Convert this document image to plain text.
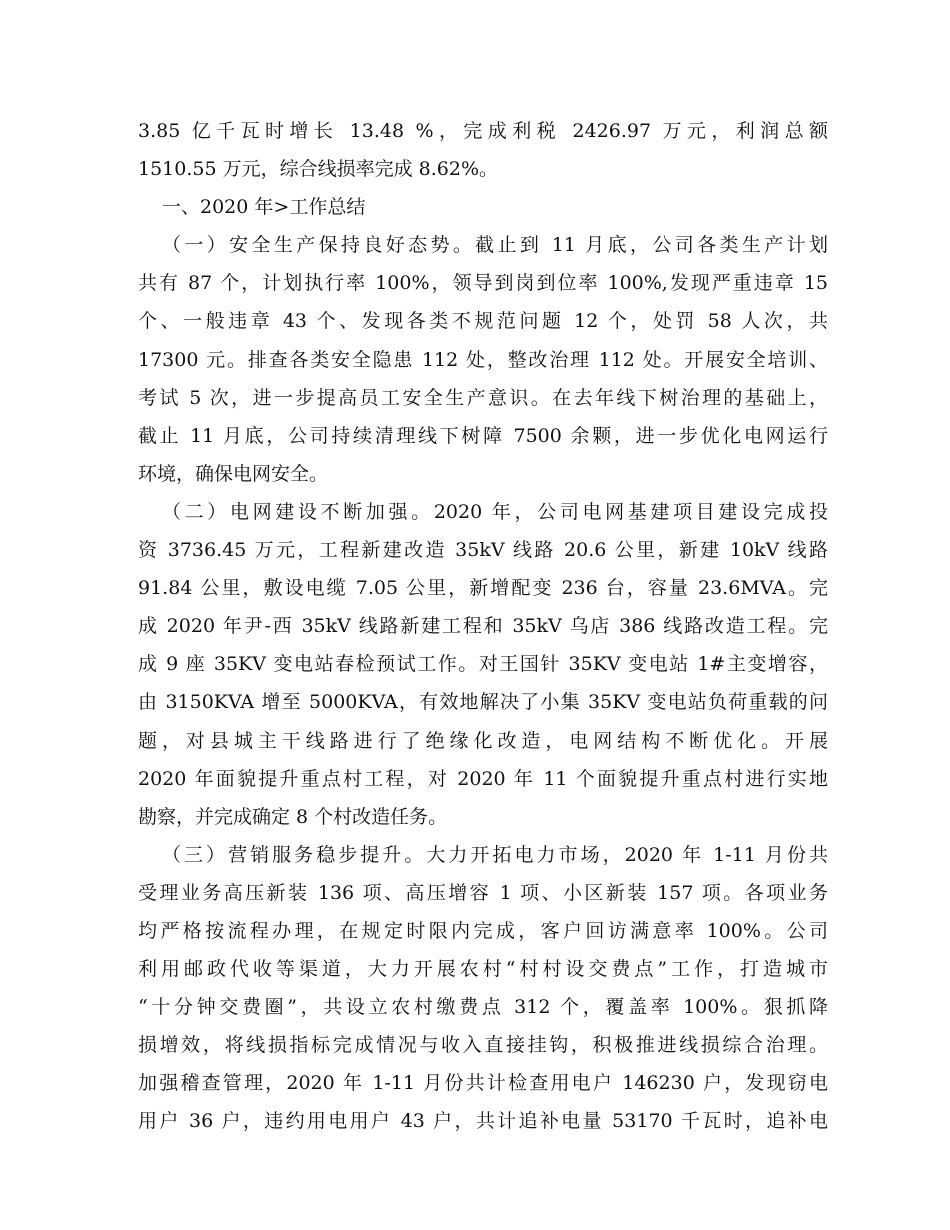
3.85 亿千瓦时增长 13.48 %，完成利税 2426.97 万元，利润总额
1510.55 万元，综合线损率完成 8.62%。
一、2020 年>工作总结
（一）安全生产保持良好态势。截止到 11 月底，公司各类生产计划
共有 87 个，计划执行率 100%，领导到岗到位率 100%,发现严重违章 15
个、一般违章 43 个、发现各类不规范问题 12 个，处罚 58 人次，共
17300 元。排查各类安全隐患 112 处，整改治理 112 处。开展安全培训、
考试 5 次，进一步提高员工安全生产意识。在去年线下树治理的基础上，
截止 11 月底，公司持续清理线下树障 7500 余颗，进一步优化电网运行
环境，确保电网安全。
（二）电网建设不断加强。2020 年，公司电网基建项目建设完成投
资 3736.45 万元，工程新建改造 35kV 线路 20.6 公里，新建 10kV 线路
91.84 公里，敷设电缆 7.05 公里，新增配变 236 台，容量 23.6MVA。完
成 2020 年尹-西 35kV 线路新建工程和 35kV 乌店 386 线路改造工程。完
成 9 座 35KV 变电站春检预试工作。对王国针 35KV 变电站 1#主变增容，
由 3150KVA 增至 5000KVA，有效地解决了小集 35KV 变电站负荷重载的问
题，对县城主干线路进行了绝缘化改造，电网结构不断优化。开展
2020 年面貌提升重点村工程，对 2020 年 11 个面貌提升重点村进行实地
勘察，并完成确定 8 个村改造任务。
（三）营销服务稳步提升。大力开拓电力市场，2020 年 1-11 月份共
受理业务高压新装 136 项、高压增容 1 项、小区新装 157 项。各项业务
均严格按流程办理，在规定时限内完成，客户回访满意率 100%。公司
利用邮政代收等渠道，大力开展农村“村村设交费点”工作，打造城市
“十分钟交费圈”，共设立农村缴费点 312 个，覆盖率 100%。狠抓降
损增效，将线损指标完成情况与收入直接挂钩，积极推进线损综合治理。
加强稽查管理，2020 年 1-11 月份共计检查用电户 146230 户，发现窃电
用户 36 户，违约用电用户 43 户，共计追补电量 53170 千瓦时，追补电
